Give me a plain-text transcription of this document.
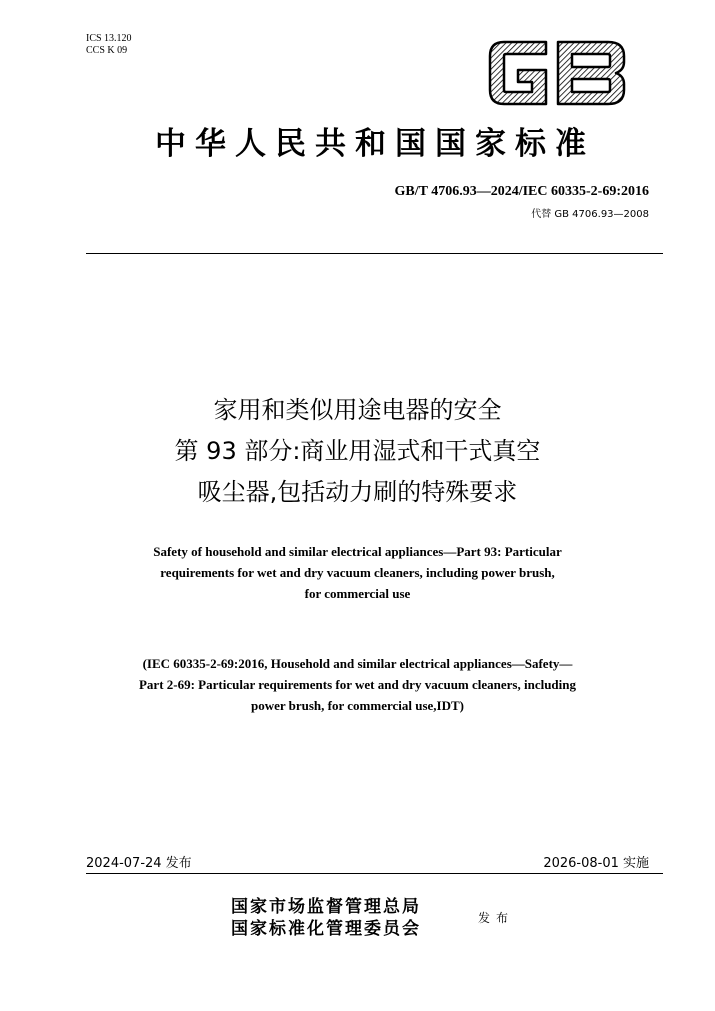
ICS 13.120
CCS K 09
中华人民共和国国家标准
GB/T 4706.93—2024/IEC 60335-2-69:2016
代替 GB 4706.93—2008
家用和类似用途电器的安全
第 93 部分:商业用湿式和干式真空
吸尘器,包括动力刷的特殊要求
Safety of household and similar electrical appliances—Part 93: Particular
requirements for wet and dry vacuum cleaners, including power brush,
for commercial use
(IEC 60335-2-69:2016, Household and similar electrical appliances—Safety—
Part 2-69: Particular requirements for wet and dry vacuum cleaners, including
power brush, for commercial use,IDT)
2024-07-24 发布	2026-08-01 实施
国家市场监督管理总局
国家标准化管理委员会
发布
